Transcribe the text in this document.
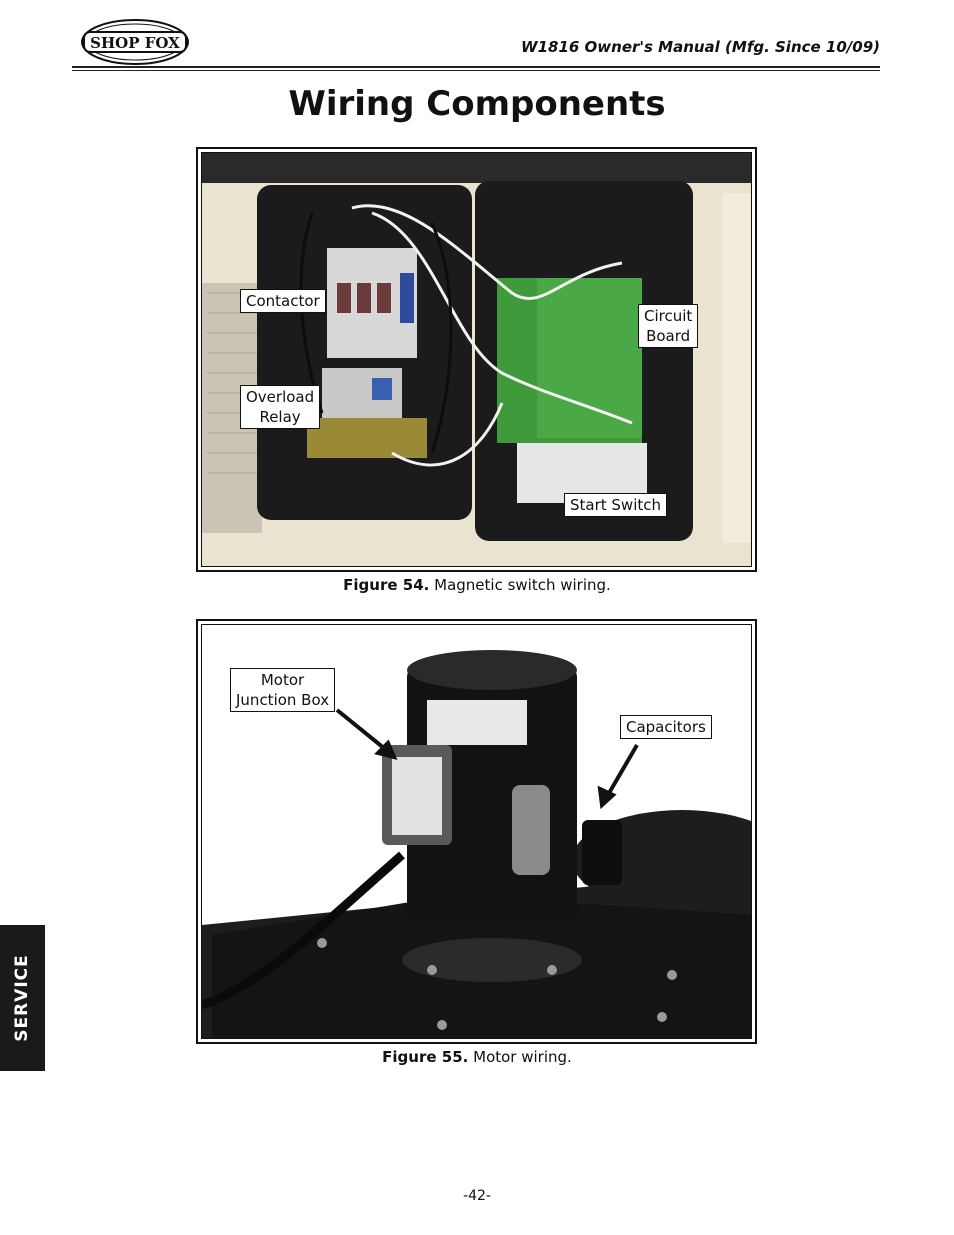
SHOP FOX	W1816 Owner's Manual (Mfg. Since 10/09)
Wiring Components
Contactor
Circuit
Board
Overload
Relay
Start Switch
Figure 54. Magnetic switch wiring.
Motor
Junction Box
Capacitors
Figure 55. Motor wiring.
SERVICE
-42-
